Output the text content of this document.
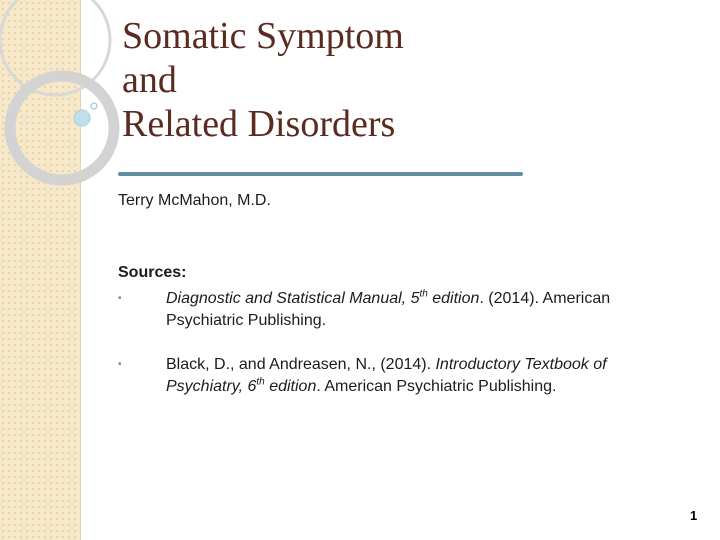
Somatic Symptom
and
Related Disorders

Terry McMahon, M.D.

Sources:
•	Diagnostic and Statistical Manual, 5th edition. (2014). American Psychiatric Publishing.
•	Black, D., and Andreasen, N., (2014). Introductory Textbook of Psychiatry, 6th edition. American Psychiatric Publishing.
1
